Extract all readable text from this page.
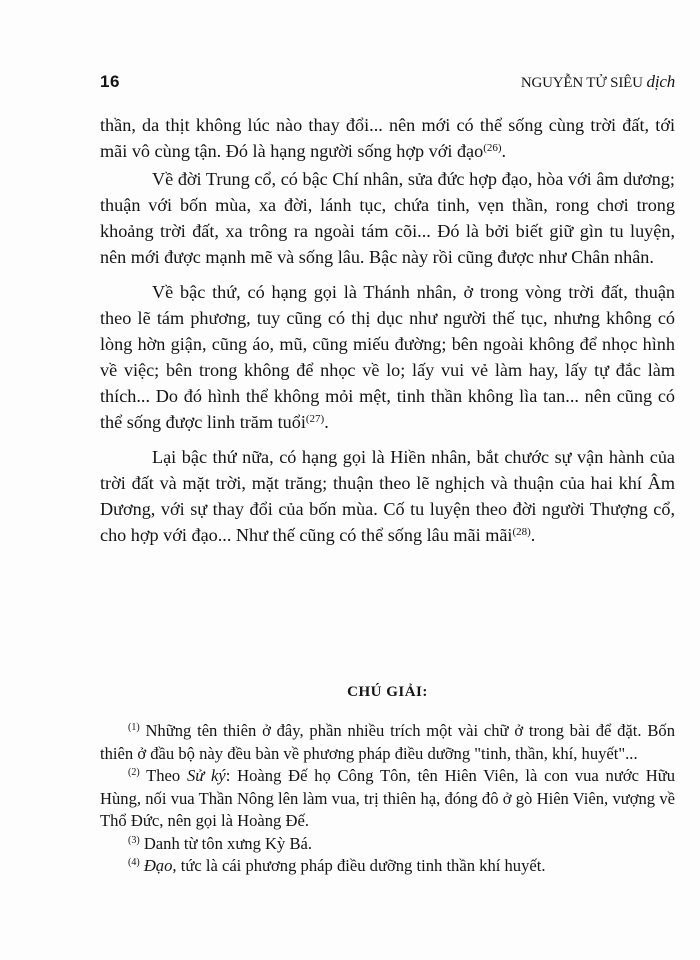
16	NGUYỄN TỬ SIÊU dịch

thần, da thịt không lúc nào thay đổi... nên mới có thể sống cùng trời đất, tới mãi vô cùng tận. Đó là hạng người sống hợp với đạo$^{(26)}$.

Về đời Trung cổ, có bậc Chí nhân, sửa đức hợp đạo, hòa với âm dương; thuận với bốn mùa, xa đời, lánh tục, chứa tinh, vẹn thần, rong chơi trong khoảng trời đất, xa trông ra ngoài tám cõi... Đó là bởi biết giữ gìn tu luyện, nên mới được mạnh mẽ và sống lâu. Bậc này rồi cũng được như Chân nhân.

Về bậc thứ, có hạng gọi là Thánh nhân, ở trong vòng trời đất, thuận theo lẽ tám phương, tuy cũng có thị dục như người thế tục, nhưng không có lòng hờn giận, cũng áo, mũ, cũng miếu đường; bên ngoài không để nhọc hình về việc; bên trong không để nhọc về lo; lấy vui vẻ làm hay, lấy tự đắc làm thích... Do đó hình thể không mỏi mệt, tinh thần không lìa tan... nên cũng có thể sống được linh trăm tuổi$^{(27)}$.

Lại bậc thứ nữa, có hạng gọi là Hiền nhân, bắt chước sự vận hành của trời đất và mặt trời, mặt trăng; thuận theo lẽ nghịch và thuận của hai khí Âm Dương, với sự thay đổi của bốn mùa. Cố tu luyện theo đời người Thượng cổ, cho hợp với đạo... Như thế cũng có thể sống lâu mãi mãi$^{(28)}$.

CHÚ GIẢI:

$^{(1)}$ Những tên thiên ở đây, phần nhiều trích một vài chữ ở trong bài để đặt. Bốn thiên ở đầu bộ này đều bàn về phương pháp điều dưỡng "tinh, thần, khí, huyết"...

$^{(2)}$ Theo Sử ký: Hoàng Đế họ Công Tôn, tên Hiên Viên, là con vua nước Hữu Hùng, nối vua Thần Nông lên làm vua, trị thiên hạ, đóng đô ở gò Hiên Viên, vượng về Thổ Đức, nên gọi là Hoàng Đế.

$^{(3)}$ Danh từ tôn xưng Kỳ Bá.

$^{(4)}$ Đạo, tức là cái phương pháp điều dưỡng tinh thần khí huyết.
